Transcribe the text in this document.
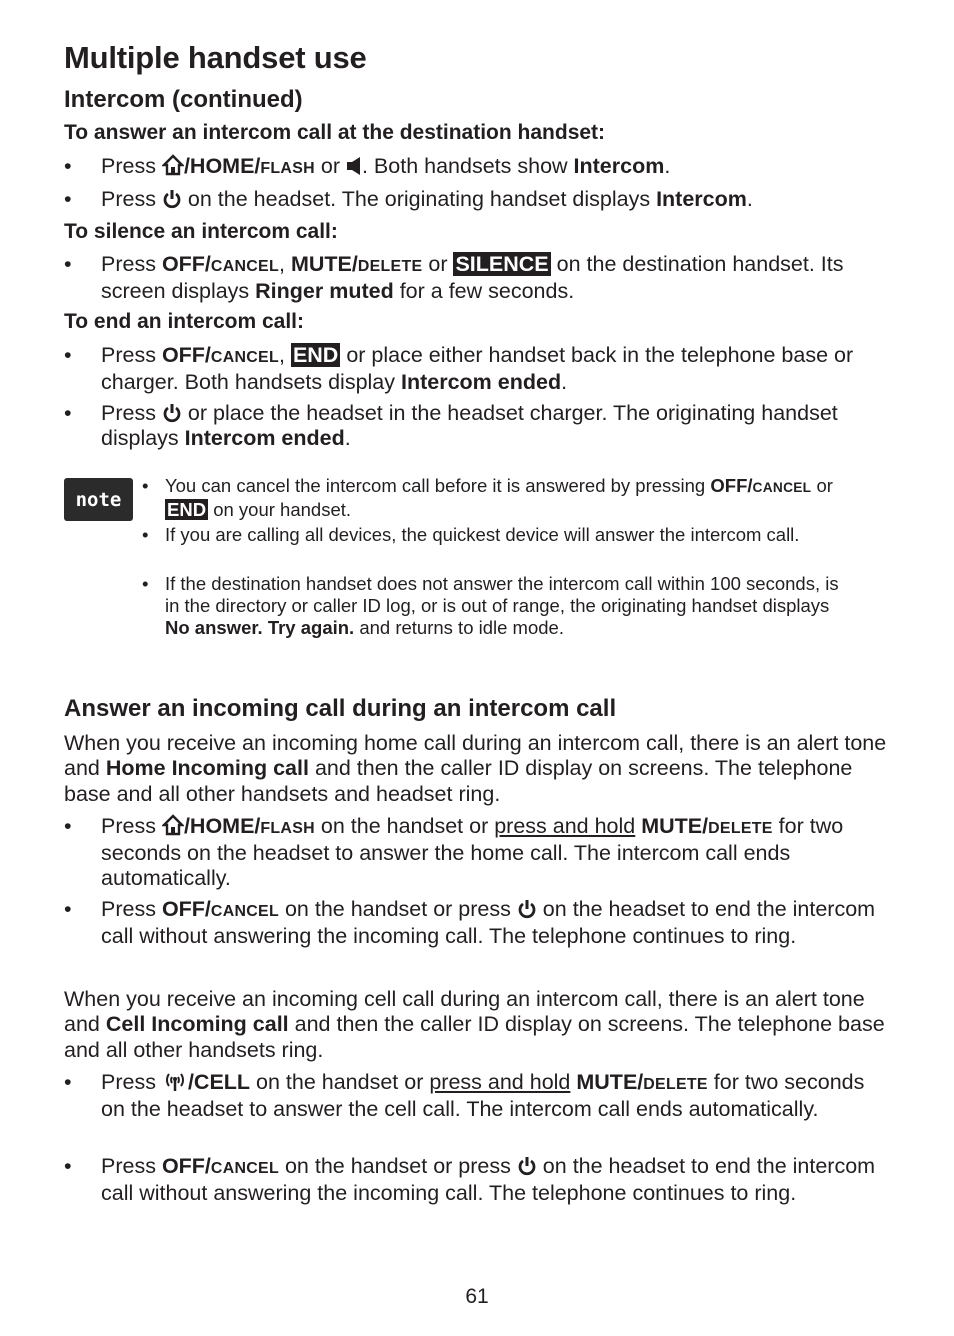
Multiple handset use
Intercom (continued)
To answer an intercom call at the destination handset:
• Press /HOME/FLASH or . Both handsets show Intercom.
• Press  on the headset. The originating handset displays Intercom.
To silence an intercom call:
• Press OFF/CANCEL, MUTE/DELETE or SILENCE on the destination handset. Its screen displays Ringer muted for a few seconds.
To end an intercom call:
• Press OFF/CANCEL, END or place either handset back in the telephone base or charger. Both handsets display Intercom ended.
• Press  or place the headset in the headset charger. The originating handset displays Intercom ended.
note
• You can cancel the intercom call before it is answered by pressing OFF/CANCEL or END on your handset.
• If you are calling all devices, the quickest device will answer the intercom call.
• If the destination handset does not answer the intercom call within 100 seconds, is in the directory or caller ID log, or is out of range, the originating handset displays No answer. Try again. and returns to idle mode.
Answer an incoming call during an intercom call
When you receive an incoming home call during an intercom call, there is an alert tone and Home Incoming call and then the caller ID display on screens. The telephone base and all other handsets and headset ring.
• Press /HOME/FLASH on the handset or press and hold MUTE/DELETE for two seconds on the headset to answer the home call. The intercom call ends automatically.
• Press OFF/CANCEL on the handset or press  on the headset to end the intercom call without answering the incoming call. The telephone continues to ring.
When you receive an incoming cell call during an intercom call, there is an alert tone and Cell Incoming call and then the caller ID display on screens. The telephone base and all other handsets ring.
• Press /CELL on the handset or press and hold MUTE/DELETE for two seconds on the headset to answer the cell call. The intercom call ends automatically.
• Press OFF/CANCEL on the handset or press  on the headset to end the intercom call without answering the incoming call. The telephone continues to ring.
61
